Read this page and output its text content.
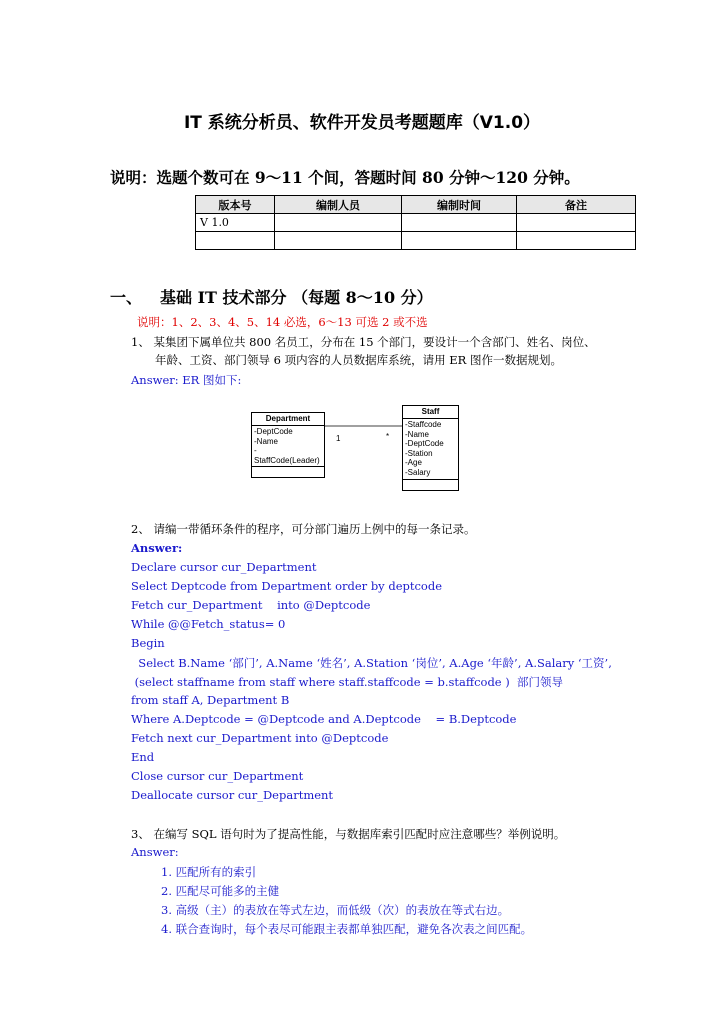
IT 系统分析员、软件开发员考题题库（V1.0）
说明：选题个数可在 9～11 个间，答题时间 80 分钟～120 分钟。
版本号	编制人员	编制时间	备注
V 1.0			

一、 基础 IT 技术部分 （每题 8～10 分）
说明：1、2、3、4、5、14 必选，6～13 可选 2 或不选
1、 某集团下属单位共 800 名员工，分布在 15 个部门，要设计一个含部门、姓名、岗位、
年龄、工资、部门领导 6 项内容的人员数据库系统，请用 ER 图作一数据规划。
Answer: ER 图如下:
1	*
Department
-DeptCode
-Name
-StaffCode(Leader)
Staff
-Staffcode
-Name
-DeptCode
-Station
-Age
-Salary
2、 请编一带循环条件的程序，可分部门遍历上例中的每一条记录。
Answer:
Declare cursor cur_Department
Select Deptcode from Department order by deptcode
Fetch cur_Department    into @Deptcode
While @@Fetch_status= 0
Begin
Select B.Name ‘部门’, A.Name ‘姓名’, A.Station ‘岗位’, A.Age ‘年龄’, A.Salary ‘工资’,
(select staffname from staff where staff.staffcode = b.staffcode )  部门领导
from staff A, Department B
Where A.Deptcode = @Deptcode and A.Deptcode    = B.Deptcode
Fetch next cur_Department into @Deptcode
End
Close cursor cur_Department
Deallocate cursor cur_Department
3、 在编写 SQL 语句时为了提高性能，与数据库索引匹配时应注意哪些？举例说明。
Answer:
1. 匹配所有的索引
2. 匹配尽可能多的主健
3. 高级（主）的表放在等式左边，而低级（次）的表放在等式右边。
4. 联合查询时，每个表尽可能跟主表都单独匹配，避免各次表之间匹配。
